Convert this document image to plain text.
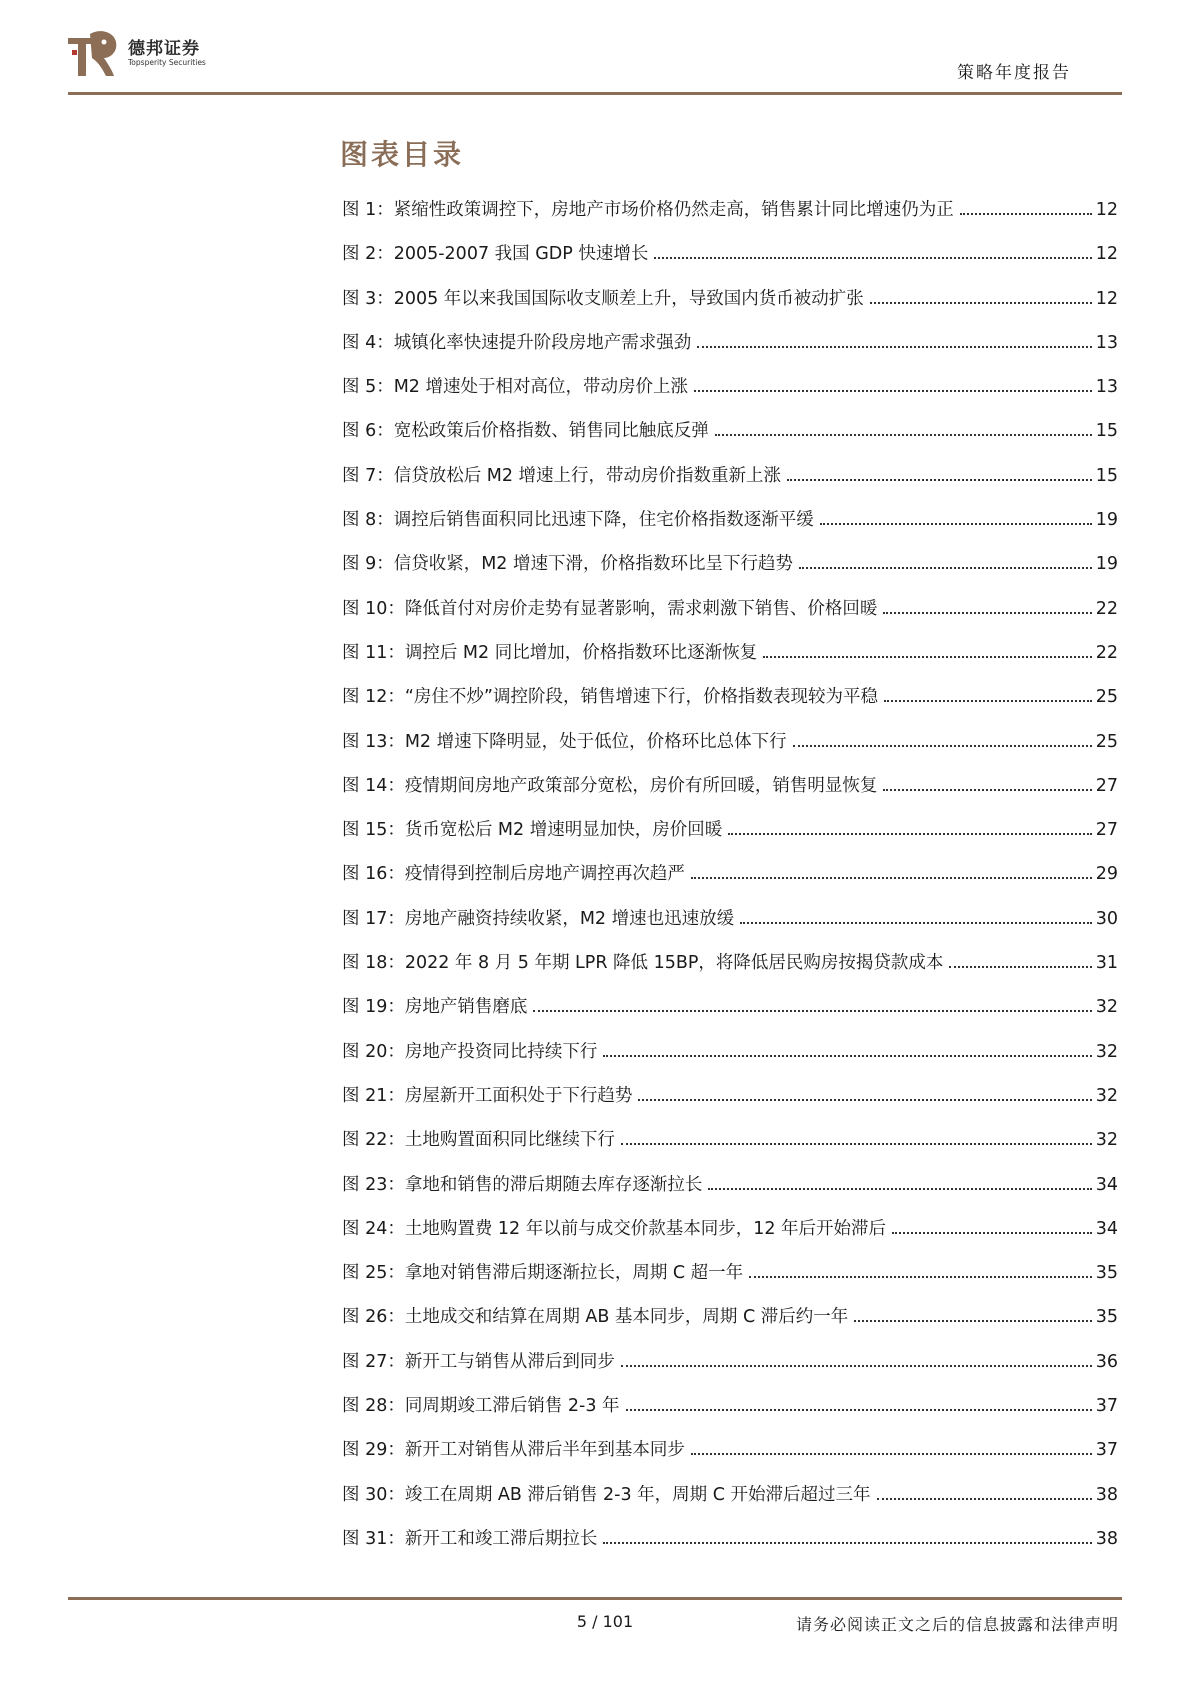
德邦证券
Topsperity Securities
策略年度报告
图表目录
图 1：紧缩性政策调控下，房地产市场价格仍然走高，销售累计同比增速仍为正	12
图 2：2005-2007 我国 GDP 快速增长	12
图 3：2005 年以来我国国际收支顺差上升，导致国内货币被动扩张	12
图 4：城镇化率快速提升阶段房地产需求强劲	13
图 5：M2 增速处于相对高位，带动房价上涨	13
图 6：宽松政策后价格指数、销售同比触底反弹	15
图 7：信贷放松后 M2 增速上行，带动房价指数重新上涨	15
图 8：调控后销售面积同比迅速下降，住宅价格指数逐渐平缓	19
图 9：信贷收紧，M2 增速下滑，价格指数环比呈下行趋势	19
图 10：降低首付对房价走势有显著影响，需求刺激下销售、价格回暖	22
图 11：调控后 M2 同比增加，价格指数环比逐渐恢复	22
图 12：“房住不炒”调控阶段，销售增速下行，价格指数表现较为平稳	25
图 13：M2 增速下降明显，处于低位，价格环比总体下行	25
图 14：疫情期间房地产政策部分宽松，房价有所回暖，销售明显恢复	27
图 15：货币宽松后 M2 增速明显加快，房价回暖	27
图 16：疫情得到控制后房地产调控再次趋严	29
图 17：房地产融资持续收紧，M2 增速也迅速放缓	30
图 18：2022 年 8 月 5 年期 LPR 降低 15BP，将降低居民购房按揭贷款成本	31
图 19：房地产销售磨底	32
图 20：房地产投资同比持续下行	32
图 21：房屋新开工面积处于下行趋势	32
图 22：土地购置面积同比继续下行	32
图 23：拿地和销售的滞后期随去库存逐渐拉长	34
图 24：土地购置费 12 年以前与成交价款基本同步，12 年后开始滞后	34
图 25：拿地对销售滞后期逐渐拉长，周期 C 超一年	35
图 26：土地成交和结算在周期 AB 基本同步，周期 C 滞后约一年	35
图 27：新开工与销售从滞后到同步	36
图 28：同周期竣工滞后销售 2-3 年	37
图 29：新开工对销售从滞后半年到基本同步	37
图 30：竣工在周期 AB 滞后销售 2-3 年，周期 C 开始滞后超过三年	38
图 31：新开工和竣工滞后期拉长	38
5 / 101	请务必阅读正文之后的信息披露和法律声明
